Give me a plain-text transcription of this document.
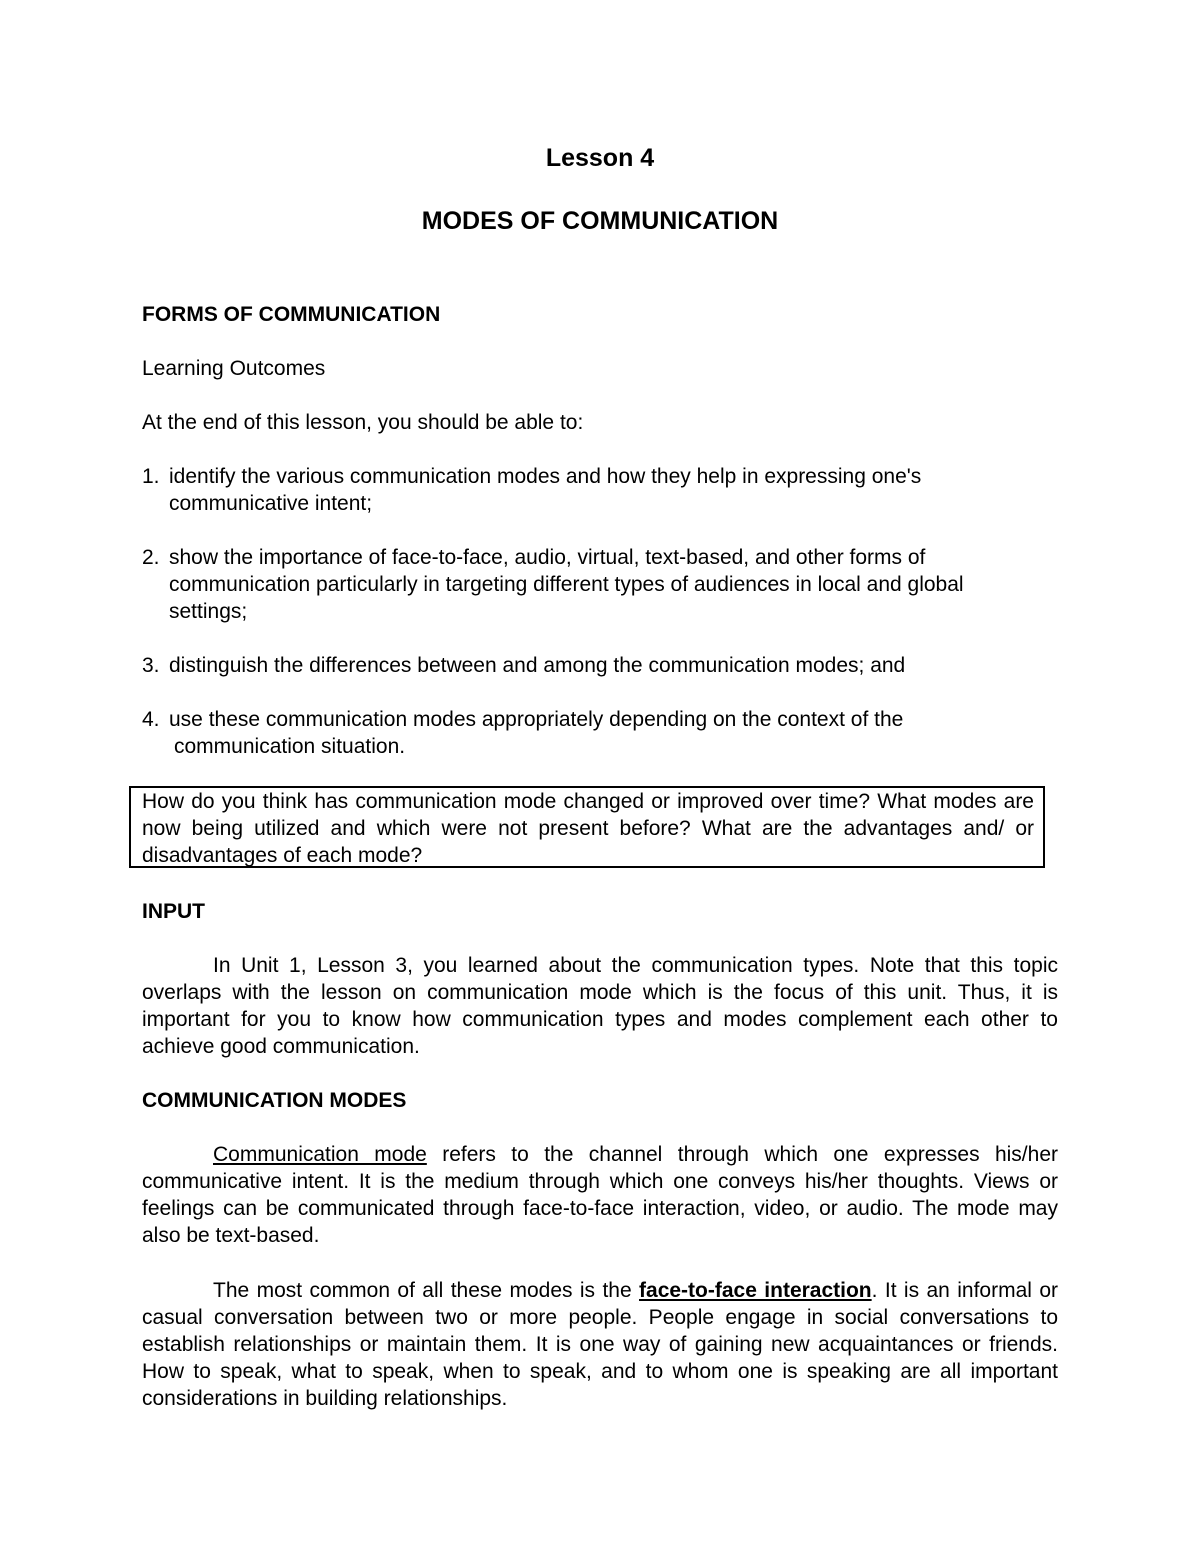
Lesson 4
MODES OF COMMUNICATION
FORMS OF COMMUNICATION
Learning Outcomes
At the end of this lesson, you should be able to:
1. identify the various communication modes and how they help in expressing one's
communicative intent;
2. show the importance of face-to-face, audio, virtual, text-based, and other forms of
communication particularly in targeting different types of audiences in local and global
settings;
3. distinguish the differences between and among the communication modes; and
4. use these communication modes appropriately depending on the context of the
communication situation.

How do you think has communication mode changed or improved over time? What modes are now being utilized and which were not present before? What are the advantages and/ or disadvantages of each mode?

INPUT

In Unit 1, Lesson 3, you learned about the communication types. Note that this topic overlaps with the lesson on communication mode which is the focus of this unit. Thus, it is important for you to know how communication types and modes complement each other to achieve good communication.

COMMUNICATION MODES

Communication mode refers to the channel through which one expresses his/her communicative intent. It is the medium through which one conveys his/her thoughts. Views or feelings can be communicated through face-to-face interaction, video, or audio. The mode may also be text-based.

The most common of all these modes is the face-to-face interaction. It is an informal or casual conversation between two or more people. People engage in social conversations to establish relationships or maintain them. It is one way of gaining new acquaintances or friends. How to speak, what to speak, when to speak, and to whom one is speaking are all important considerations in building relationships.
